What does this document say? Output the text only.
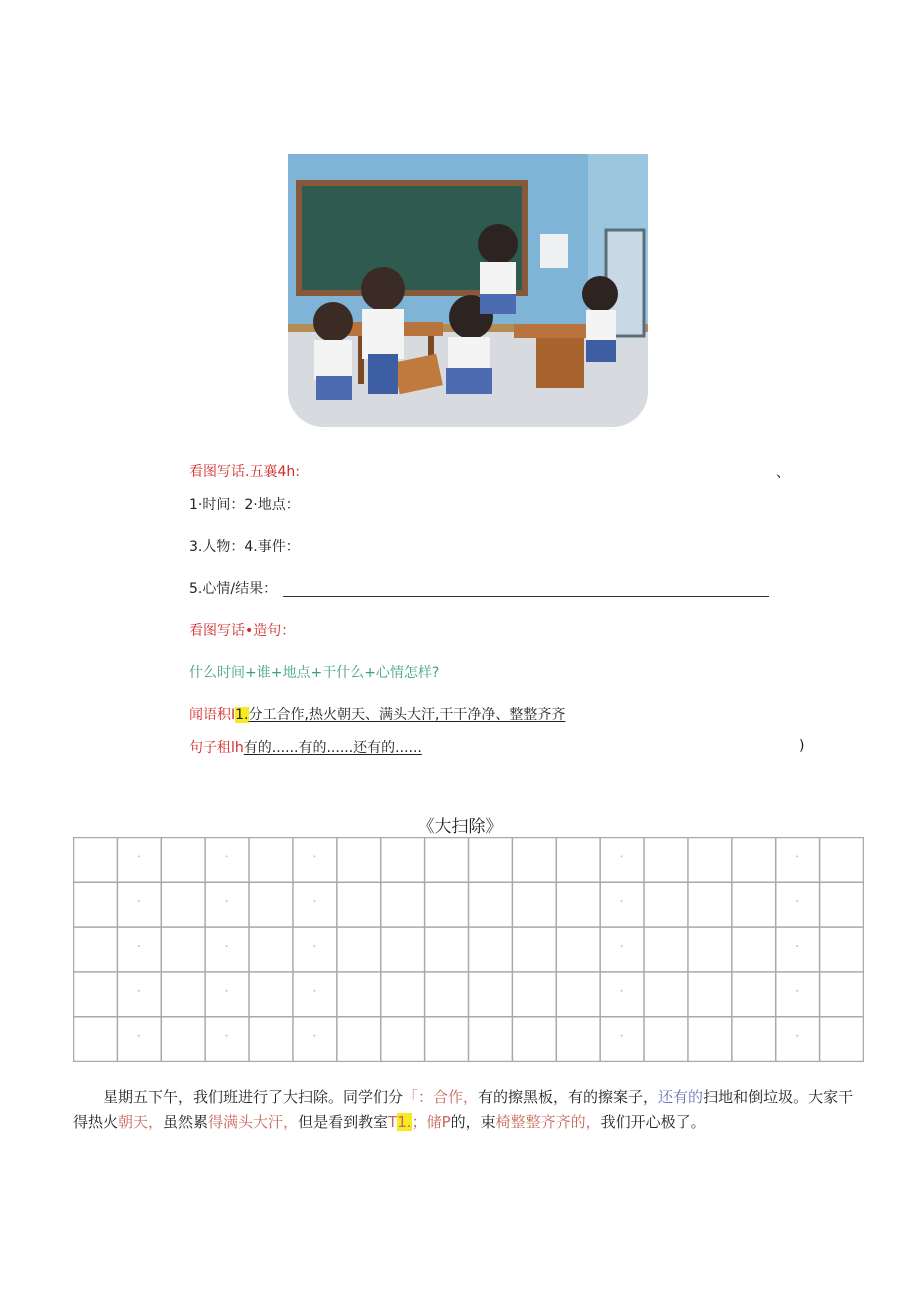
看图写话.五襄4h:	、
1·时间：2·地点：
3.人物：4.事件：
5.心情/结果：
看图写话•造句：
什么时间+谁+地点+干什么+心情怎样?
闻语积I1.分工合作,热火朝天、满头大汗,干干净净、整整齐齐
句子租lh有的......有的......还有的......	)
《大扫除》
星期五下午，我们班进行了大扫除。同学们分「：合作，有的擦黑板，有的擦案子，还有的扫地和倒垃圾。大家干得热火朝天，虽然累得满头大汗，但是看到教室T1.；储P的，束椅整整齐齐的，我们开心极了。
